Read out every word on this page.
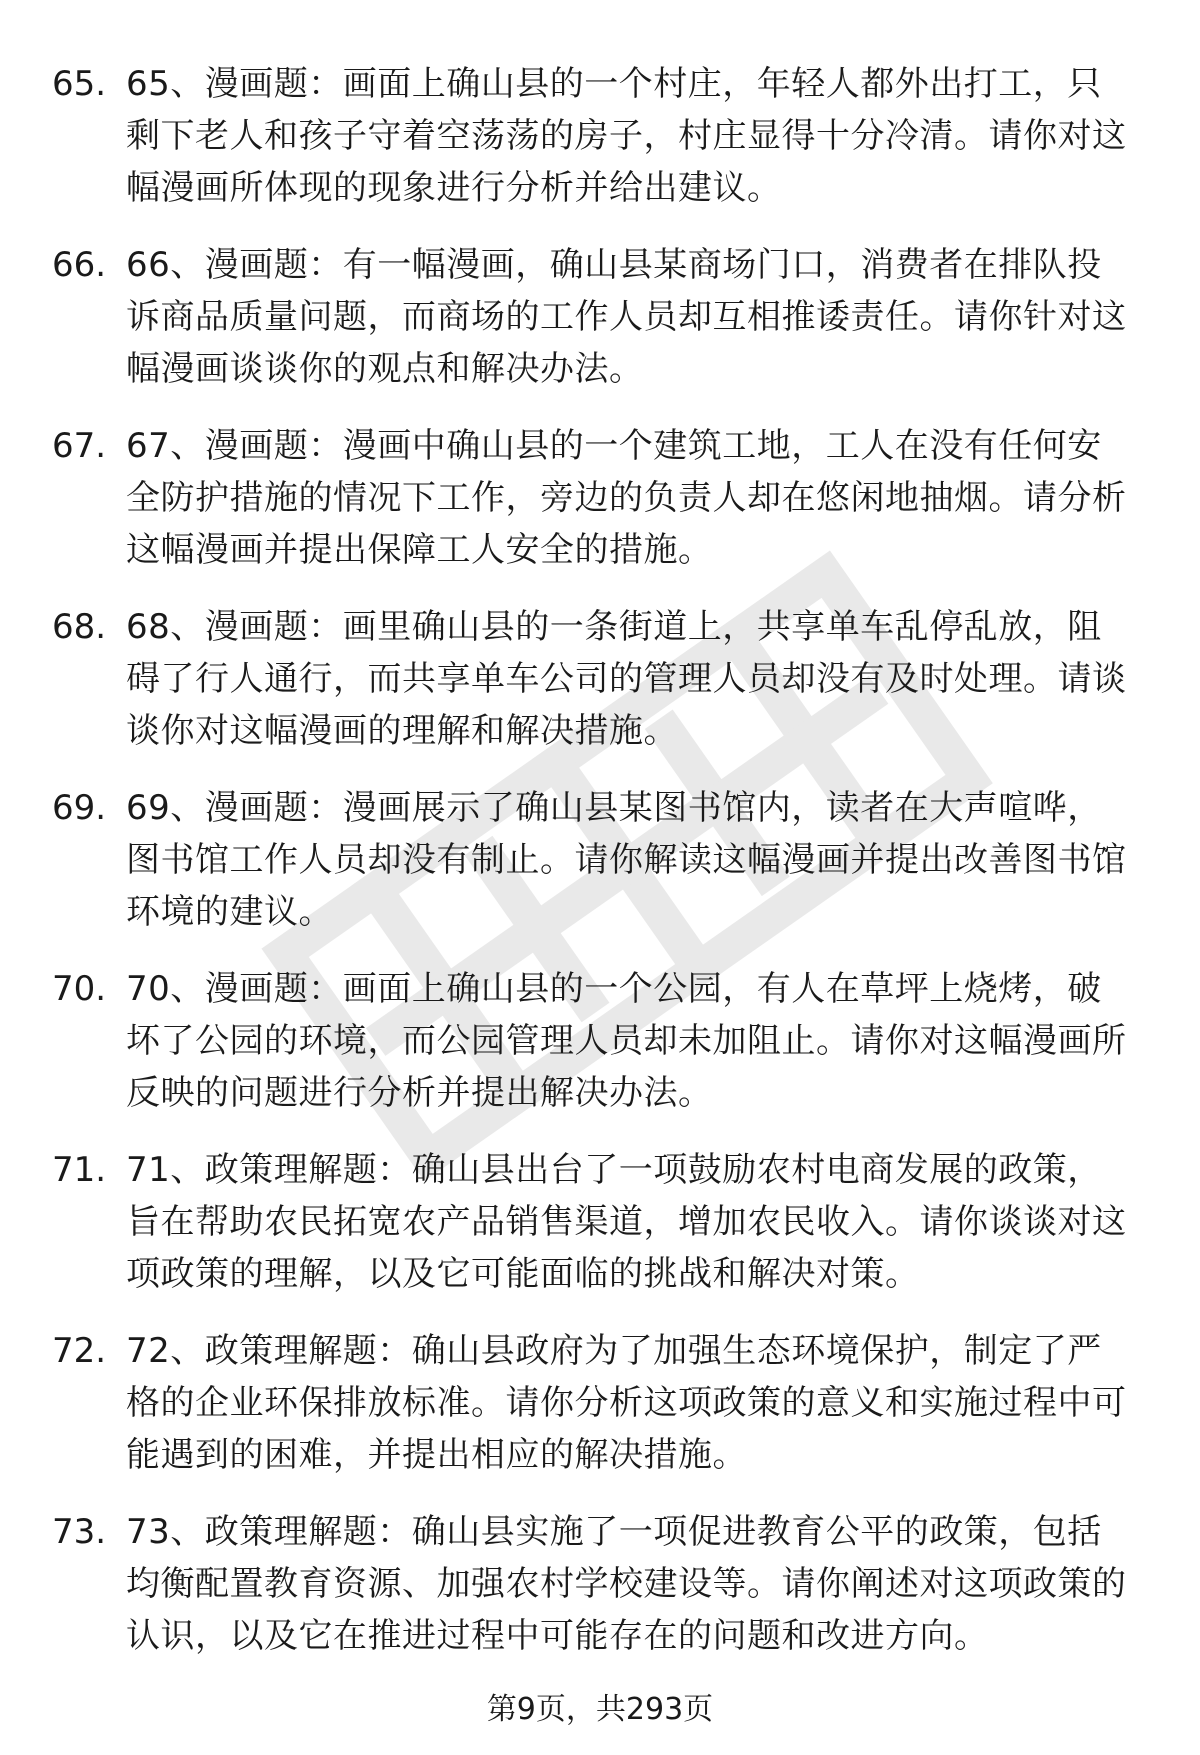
65. 65、漫画题：画面上确山县的一个村庄，年轻人都外出打工，只剩下老人和孩子守着空荡荡的房子，村庄显得十分冷清。请你对这幅漫画所体现的现象进行分析并给出建议。
66. 66、漫画题：有一幅漫画，确山县某商场门口，消费者在排队投诉商品质量问题，而商场的工作人员却互相推诿责任。请你针对这幅漫画谈谈你的观点和解决办法。
67. 67、漫画题：漫画中确山县的一个建筑工地，工人在没有任何安全防护措施的情况下工作，旁边的负责人却在悠闲地抽烟。请分析这幅漫画并提出保障工人安全的措施。
68. 68、漫画题：画里确山县的一条街道上，共享单车乱停乱放，阻碍了行人通行，而共享单车公司的管理人员却没有及时处理。请谈谈你对这幅漫画的理解和解决措施。
69. 69、漫画题：漫画展示了确山县某图书馆内，读者在大声喧哗，图书馆工作人员却没有制止。请你解读这幅漫画并提出改善图书馆环境的建议。
70. 70、漫画题：画面上确山县的一个公园，有人在草坪上烧烤，破坏了公园的环境，而公园管理人员却未加阻止。请你对这幅漫画所反映的问题进行分析并提出解决办法。
71. 71、政策理解题：确山县出台了一项鼓励农村电商发展的政策，旨在帮助农民拓宽农产品销售渠道，增加农民收入。请你谈谈对这项政策的理解，以及它可能面临的挑战和解决对策。
72. 72、政策理解题：确山县政府为了加强生态环境保护，制定了严格的企业环保排放标准。请你分析这项政策的意义和实施过程中可能遇到的困难，并提出相应的解决措施。
73. 73、政策理解题：确山县实施了一项促进教育公平的政策，包括均衡配置教育资源、加强农村学校建设等。请你阐述对这项政策的认识，以及它在推进过程中可能存在的问题和改进方向。
第9页，共293页
